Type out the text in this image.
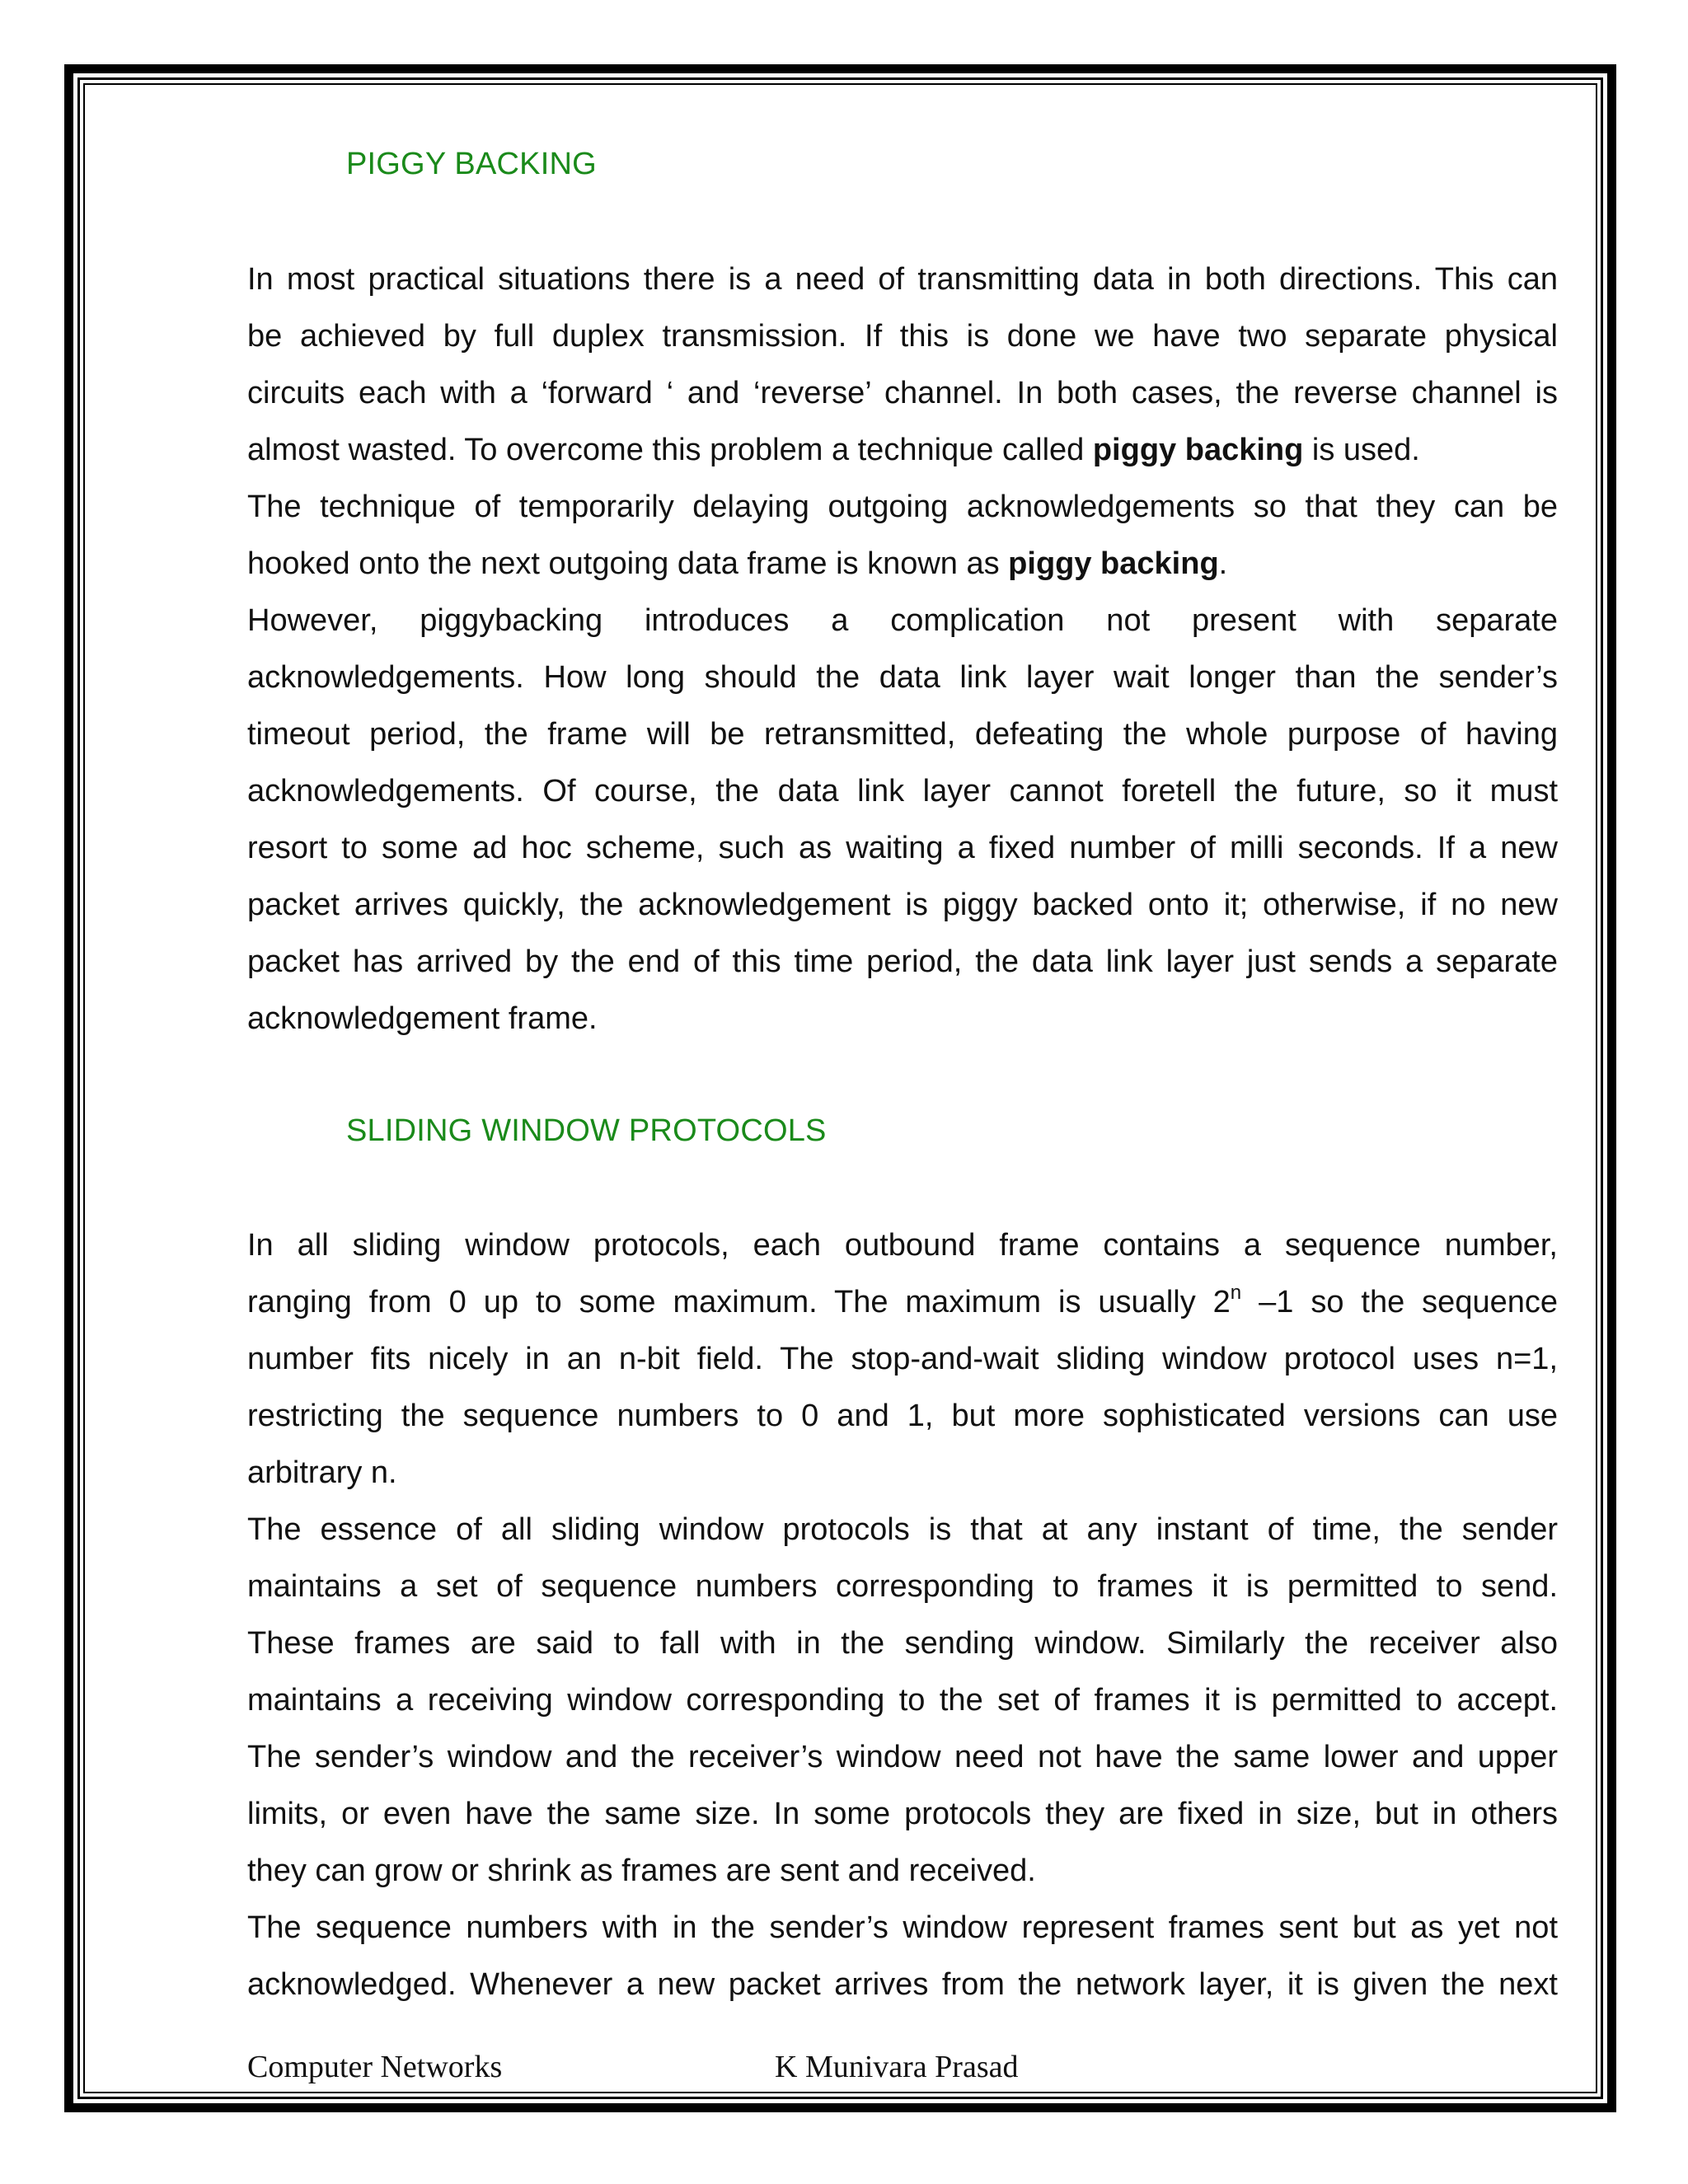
PIGGY BACKING
In most practical situations there is a need of transmitting data in both directions. This can
be achieved by full duplex transmission. If this is done we have two separate physical
circuits each with a ‘forward ‘ and ‘reverse’ channel. In both cases, the reverse channel is
almost wasted. To overcome this problem a technique called piggy backing is used.
The technique of temporarily delaying outgoing acknowledgements so that they can be
hooked onto the next outgoing data frame is known as piggy backing.
However, piggybacking introduces a complication not present with separate
acknowledgements. How long should the data link layer wait longer than the sender’s
timeout period, the frame will be retransmitted, defeating the whole purpose of having
acknowledgements. Of course, the data link layer cannot foretell the future, so it must
resort to some ad hoc scheme, such as waiting a fixed number of milli seconds. If a new
packet arrives quickly, the acknowledgement is piggy backed onto it; otherwise, if no new
packet has arrived by the end of this time period, the data link layer just sends a separate
acknowledgement frame.
SLIDING WINDOW PROTOCOLS
In all sliding window protocols, each outbound frame contains a sequence number,
ranging from 0 up to some maximum. The maximum is usually 2$^n$ –1 so the sequence
number fits nicely in an n-bit field. The stop-and-wait sliding window protocol uses n=1,
restricting the sequence numbers to 0 and 1, but more sophisticated versions can use
arbitrary n.
The essence of all sliding window protocols is that at any instant of time, the sender
maintains a set of sequence numbers corresponding to frames it is permitted to send.
These frames are said to fall with in the sending window. Similarly the receiver also
maintains a receiving window corresponding to the set of frames it is permitted to accept.
The sender’s window and the receiver’s window need not have the same lower and upper
limits, or even have the same size. In some protocols they are fixed in size, but in others
they can grow or shrink as frames are sent and received.
The sequence numbers with in the sender’s window represent frames sent but as yet not
acknowledged. Whenever a new packet arrives from the network layer, it is given the next
Computer Networks	K Munivara Prasad
